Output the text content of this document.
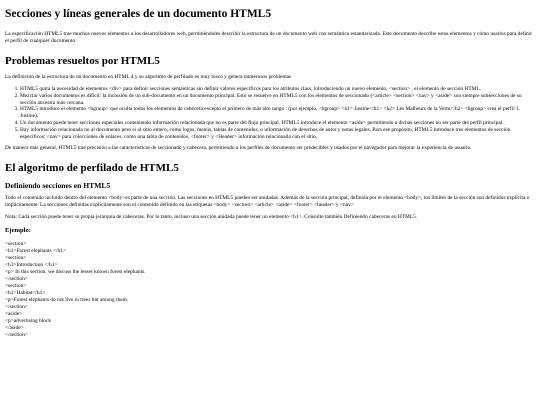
Secciones y líneas generales de un documento HTML5

La especificación HTML5 trae muchos nuevos elementos a los desarrolladores web, permitiéndoles describir la estructura de un documento web con semántica estandarizada. Este documento describe estos elementos y cómo usarlos para definir el perfil de cualquier documento.

Problemas resueltos por HTML5

La definición de la estructura de un documento en HTML 4 y su algoritmo de perfilado es muy tosco y genera numerosos problemas

1. HTML5 quita la necesidad de elementos <div> para definir secciones semánticas sin definir valores específicos para los atributos class, introduciendo un nuevo elemento, <section> , el elemento de sección HTML.
2. Mezclar varios documentos es difícil: la inclusión de un sub-documento en un documento principal. Esto se resuelve en HTML5 con los elementos de seccionado (<article> <section> <nav> y <aside> son siempre subsecciones de su sección ancestra más cercana.
3. HTML5 introduce el elemento <hgroup> que oculta todos los elementos de cabecera excepto el primero de más alto rango : (por ejemplo, <hgroup> <h1> Justine</h1> <h2> Les Malheurs de la Vertu</h2> <hgroup> crea el perfil 1. Justine).
4. Un documento puede tener secciones especiales conteniendo información relacionada que no es parte del flujo principal. HTML5 introduce el elemento <aside> permitiendo a dichas secciones no ser parte del perfil principal.
5. Hay información relacionada no al documento pero si al sitio entero, como logos, menús, tablas de contenidos, o información de derechos de autor y notas legales. Para ese propósito, HTML5 introduce tres elementos de sección específicos: <nav> para colecciones de enlaces, como una tabla de contenidos, <footer> y <Header> información relacionada con el sitio.

De manera más general, HTML5 trae precisión a las características de seccionado y cabecera, permitiendo a los perfiles de documento ser predecibles y usados por el navegador para mejorar la experiencia de usuario.

El algoritmo de perfilado de HTML5
Definiendo secciones en HTML5

Todo el contenido incluido dentro del elemento <body>es parte de una sección. Las secciones en HTML5 pueden ser anidadas. Además de la sección principal, definida por el elemento <body>, los límites de la sección son definidos explícita o implícitamente. La secciones definidas explícitamente son el contenido definido en las etiquetas <body> <section> <article> <aside> <footer> <header> y <nav>

Nota: Cada sección puede tener su propia jerarquía de cabeceras. Por lo tanto, incluso una sección anidada puede tener un elemento <h1>. Consulte también Definiendo cabeceras en HTML5.

Ejemplo:
<section>
<h1>Forest elephants </h1>
<section>
<h1>Introduction </h1>
<p> In this section, we discuss the lesser known forest elephants.
</section>
<section>
<h1>Habitat</h1>
<p>Forest elephants do not live in trees but among them.
</section>
<aside>
<p>advertising block
</aside>
</section>
